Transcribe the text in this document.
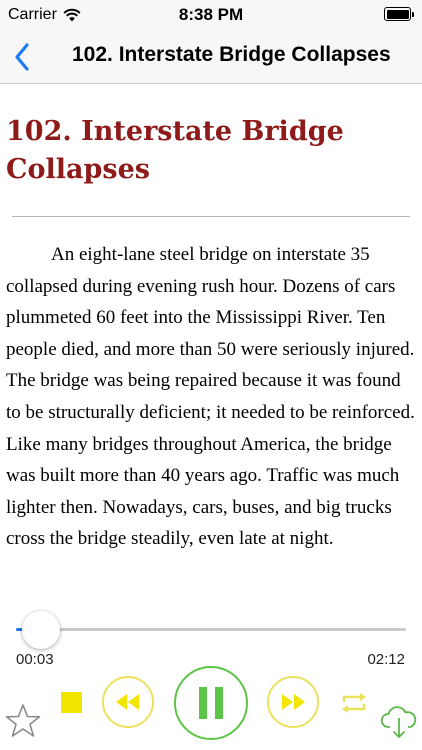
Carrier	8:38 PM
102. Interstate Bridge Collapses
102. Interstate Bridge Collapses

An eight-lane steel bridge on interstate 35 collapsed during evening rush hour. Dozens of cars plummeted 60 feet into the Mississippi River. Ten people died, and more than 50 were seriously injured. The bridge was being repaired because it was found to be structurally deficient; it needed to be reinforced. Like many bridges throughout America, the bridge was built more than 40 years ago. Traffic was much lighter then. Nowadays, cars, buses, and big trucks cross the bridge steadily, even late at night.

00:03	02:12
